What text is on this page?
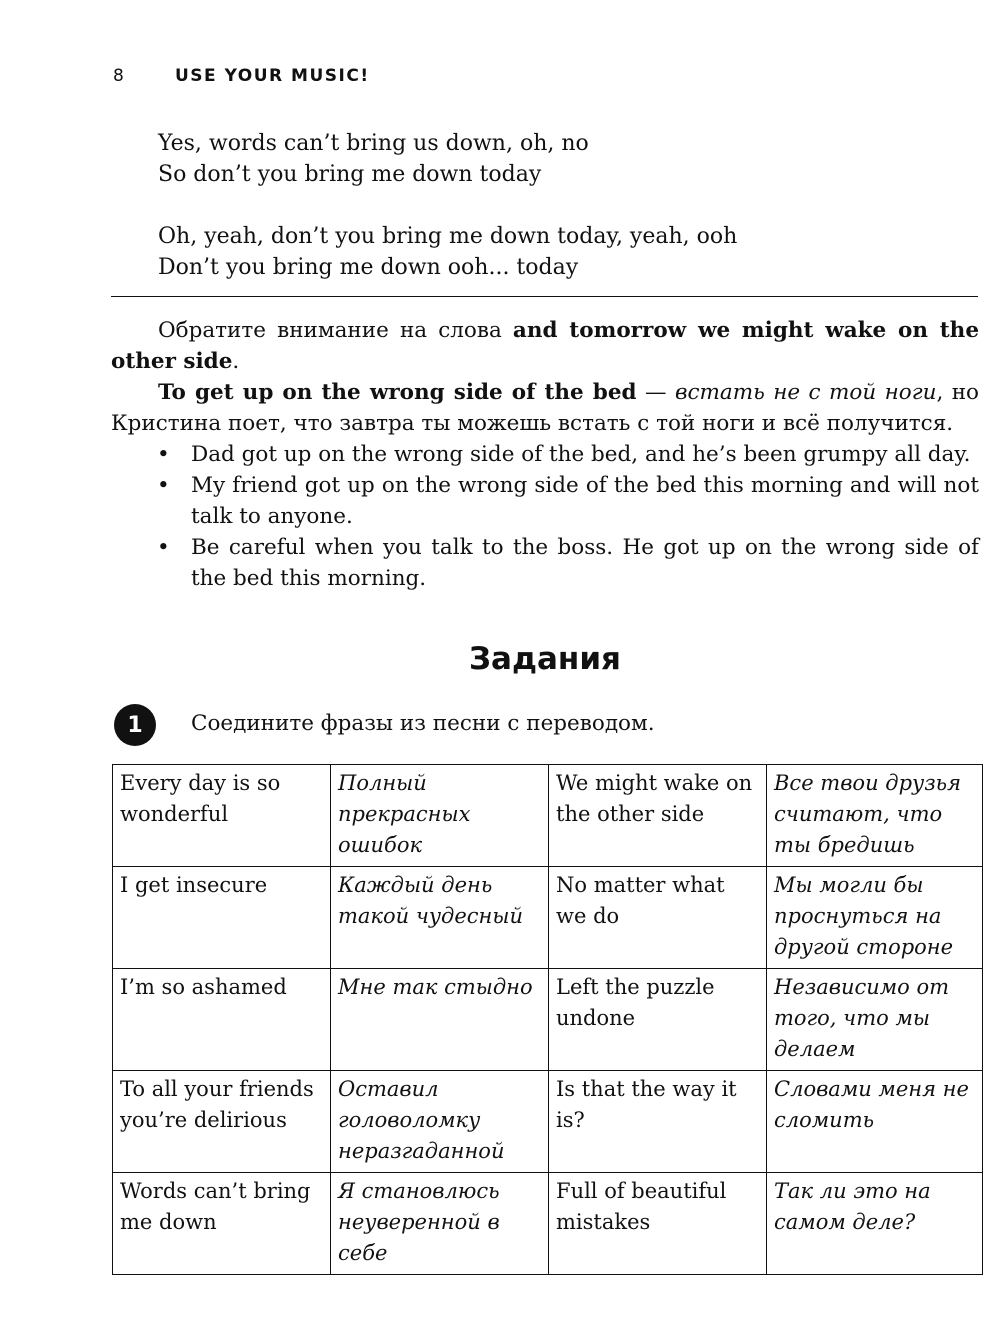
8	USE YOUR MUSIC!
Yes, words can’t bring us down, oh, no
So don’t you bring me down today
Oh, yeah, don’t you bring me down today, yeah, ooh
Don’t you bring me down ooh... today

Обратите внимание на слова and tomorrow we might wake on the other side.

To get up on the wrong side of the bed — встать не с той ноги, но Кристина поет, что завтра ты можешь встать с той ноги и всё получится.

• Dad got up on the wrong side of the bed, and he’s been grumpy all day.
• My friend got up on the wrong side of the bed this morning and will not talk to anyone.
• Be careful when you talk to the boss. He got up on the wrong side of the bed this morning.
Задания
1	Соедините фразы из песни с переводом.
Every day is so wonderful	Полный прекрасных ошибок	We might wake on the other side	Все твои друзья считают, что ты бредишь
I get insecure	Каждый день такой чудесный	No matter what we do	Мы могли бы проснуться на другой стороне
I’m so ashamed	Мне так стыдно	Left the puzzle undone	Независимо от того, что мы делаем
To all your friends you’re delirious	Оставил головоломку неразгаданной	Is that the way it is?	Словами меня не сломить
Words can’t bring me down	Я становлюсь неуверенной в себе	Full of beautiful mistakes	Так ли это на самом деле?
